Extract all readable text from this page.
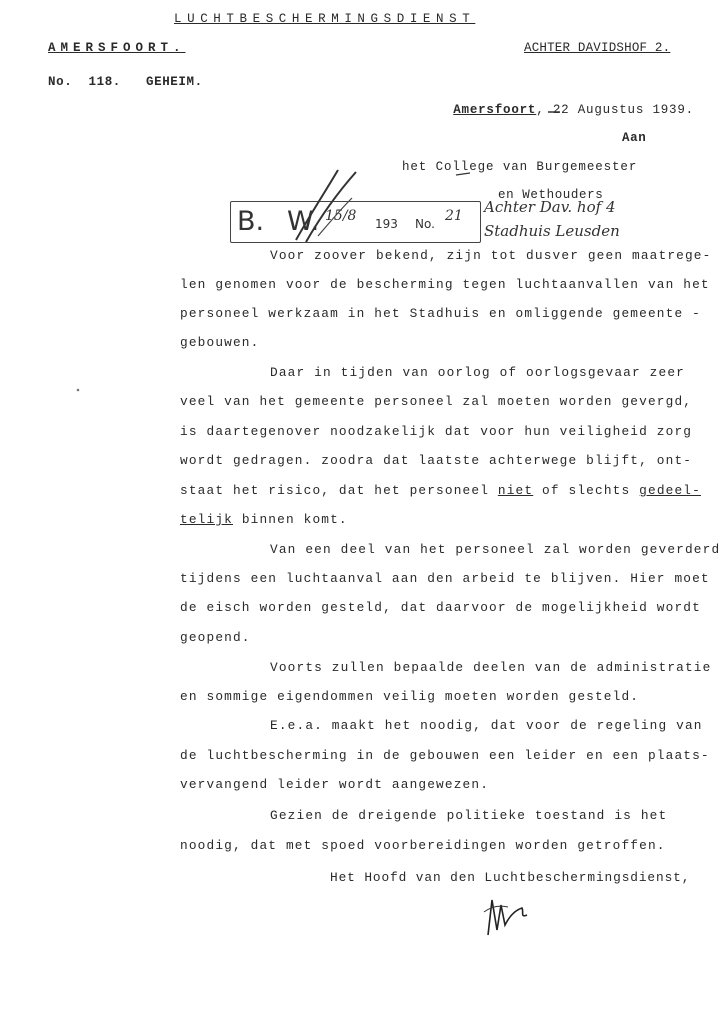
LUCHTBESCHERMINGSDIENST
AMERSFOORT.	ACHTER DAVIDSHOF 2.
No.  118. GEHEIM.

Amersfoort, 22 Augustus 1939.

Aan
het College van Burgemeester
en Wethouders
B. W. 15/8 193 No. 21 Achter Dav. hof 4
Stadhuis Leusden
Voor zoover bekend, zijn tot dusver geen maatrege-
len genomen voor de bescherming tegen luchtaanvallen van het
personeel werkzaam in het Stadhuis en omliggende gemeente -
gebouwen.
Daar in tijden van oorlog of oorlogsgevaar zeer
veel van het gemeente personeel zal moeten worden gevergd,
is daartegenover noodzakelijk dat voor hun veiligheid zorg
wordt gedragen. zoodra dat laatste achterwege blijft, ont-
staat het risico, dat het personeel niet of slechts gedeel-
telijk binnen komt.
Van een deel van het personeel zal worden geverderd
tijdens een luchtaanval aan den arbeid te blijven. Hier moet
de eisch worden gesteld, dat daarvoor de mogelijkheid wordt
geopend.
Voorts zullen bepaalde deelen van de administratie
en sommige eigendommen veilig moeten worden gesteld.
E.e.a. maakt het noodig, dat voor de regeling van
de luchtbescherming in de gebouwen een leider en een plaats-
vervangend leider wordt aangewezen.
Gezien de dreigende politieke toestand is het
noodig, dat met spoed voorbereidingen worden getroffen.
Het Hoofd van den Luchtbeschermingsdienst,
